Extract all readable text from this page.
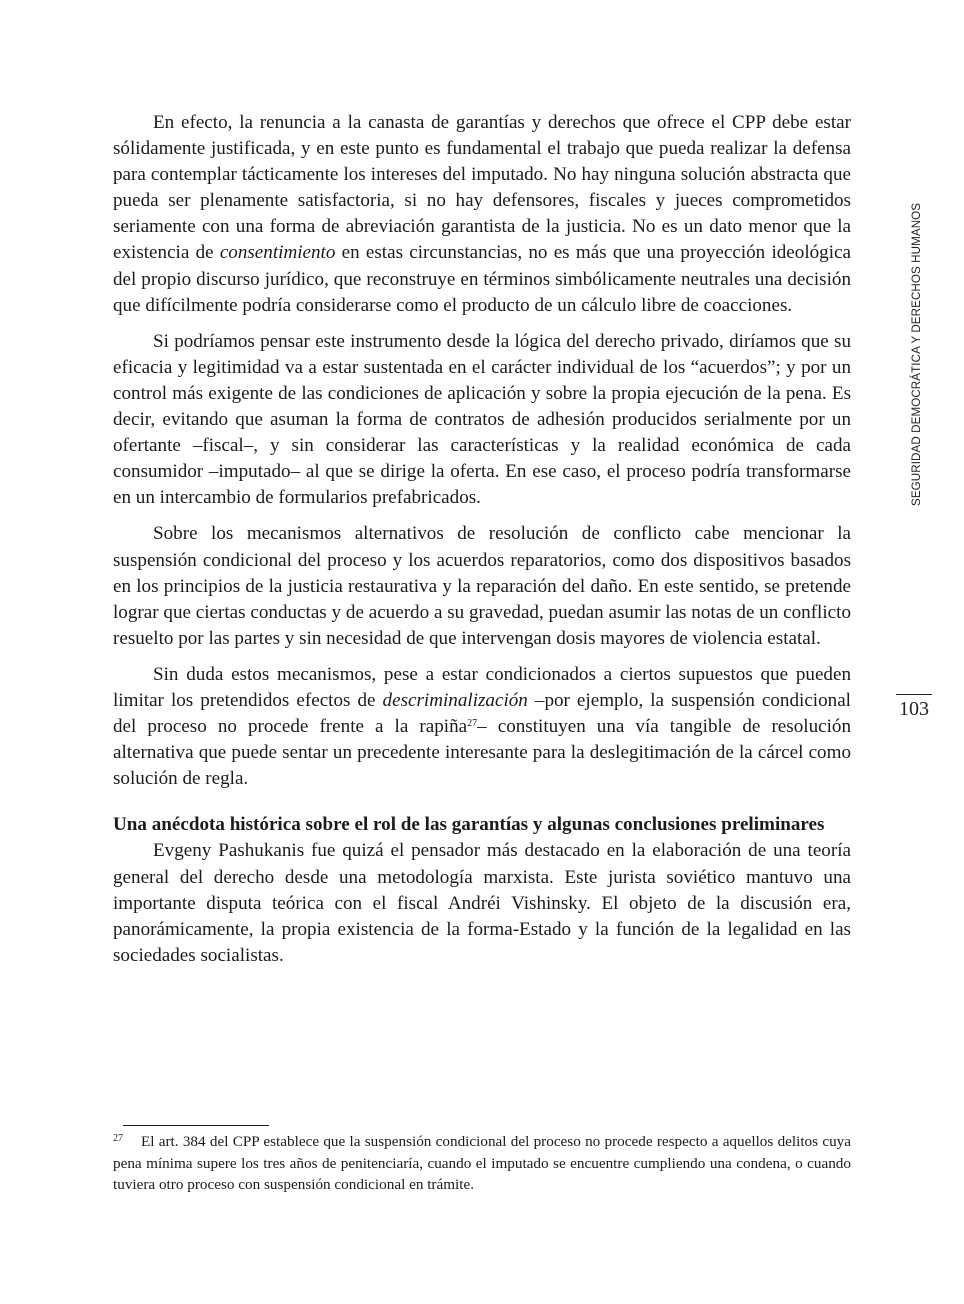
En efecto, la renuncia a la canasta de garantías y derechos que ofrece el CPP debe estar sólidamente justificada, y en este punto es fundamental el trabajo que pueda realizar la defensa para contemplar tácticamente los intereses del imputado. No hay ninguna solución abstracta que pueda ser plenamente satisfactoria, si no hay defensores, fiscales y jueces comprometidos seriamente con una forma de abreviación garantista de la justicia. No es un dato menor que la existencia de consentimiento en estas circunstancias, no es más que una proyección ideológica del propio discurso jurídico, que reconstruye en términos simbólicamente neutrales una decisión que difícilmente podría considerarse como el producto de un cálculo libre de coacciones.

Si podríamos pensar este instrumento desde la lógica del derecho privado, diríamos que su eficacia y legitimidad va a estar sustentada en el carácter individual de los “acuerdos”; y por un control más exigente de las condiciones de aplicación y sobre la propia ejecución de la pena. Es decir, evitando que asuman la forma de contratos de adhesión producidos serialmente por un ofertante –fiscal–, y sin considerar las características y la realidad económica de cada consumidor –imputado– al que se dirige la oferta. En ese caso, el proceso podría transformarse en un intercambio de formularios prefabricados.

Sobre los mecanismos alternativos de resolución de conflicto cabe mencionar la suspensión condicional del proceso y los acuerdos reparatorios, como dos dispositivos basados en los principios de la justicia restaurativa y la reparación del daño. En este sentido, se pretende lograr que ciertas conductas y de acuerdo a su gravedad, puedan asumir las notas de un conflicto resuelto por las partes y sin necesidad de que intervengan dosis mayores de violencia estatal.

Sin duda estos mecanismos, pese a estar condicionados a ciertos supuestos que pueden limitar los pretendidos efectos de descriminalización –por ejemplo, la suspensión condicional del proceso no procede frente a la rapiña$^{27}$– constituyen una vía tangible de resolución alternativa que puede sentar un precedente interesante para la deslegitimación de la cárcel como solución de regla.

Una anécdota histórica sobre el rol de las garantías y algunas conclusiones preliminares

Evgeny Pashukanis fue quizá el pensador más destacado en la elaboración de una teoría general del derecho desde una metodología marxista. Este jurista soviético mantuvo una importante disputa teórica con el fiscal Andréi Vishinsky. El objeto de la discusión era, panorámicamente, la propia existencia de la forma-Estado y la función de la legalidad en las sociedades socialistas.

SEGURIDAD DEMOCRÁTICA Y DERECHOS HUMANOS
103

27 El art. 384 del CPP establece que la suspensión condicional del proceso no procede respecto a aquellos delitos cuya pena mínima supere los tres años de penitenciaría, cuando el imputado se encuentre cumpliendo una condena, o cuando tuviera otro proceso con suspensión condicional en trámite.
